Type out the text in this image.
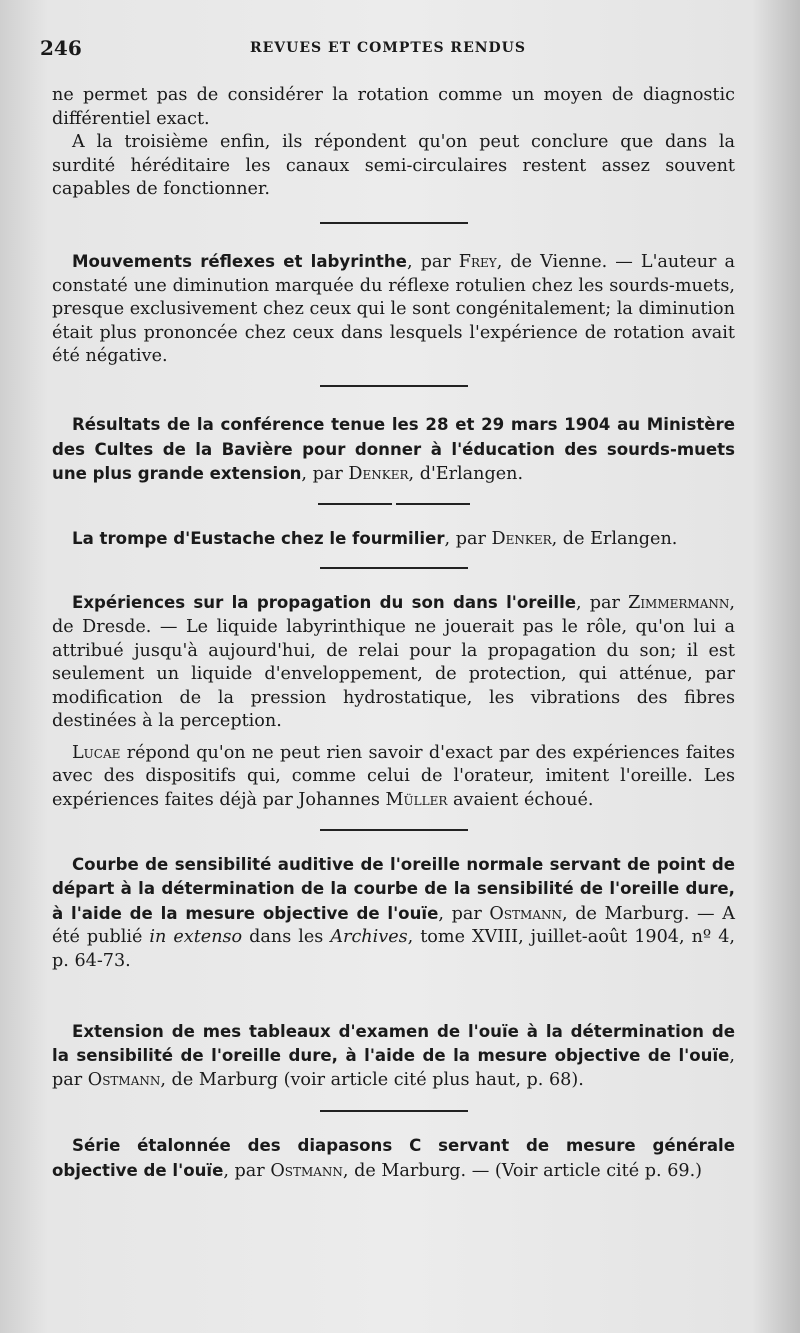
246	REVUES ET COMPTES RENDUS

ne permet pas de considérer la rotation comme un moyen de diagnostic différentiel exact.

A la troisième enfin, ils répondent qu'on peut conclure que dans la surdité héréditaire les canaux semi-circulaires restent assez souvent capables de fonctionner.

Mouvements réflexes et labyrinthe, par Frey, de Vienne. — L'auteur a constaté une diminution marquée du réflexe rotulien chez les sourds-muets, presque exclusivement chez ceux qui le sont congénitalement; la diminution était plus prononcée chez ceux dans lesquels l'expérience de rotation avait été négative.

Résultats de la conférence tenue les 28 et 29 mars 1904 au Ministère des Cultes de la Bavière pour donner à l'éducation des sourds-muets une plus grande extension, par Denker, d'Erlangen.

La trompe d'Eustache chez le fourmilier, par Denker, de Erlangen.

Expériences sur la propagation du son dans l'oreille, par Zimmermann, de Dresde. — Le liquide labyrinthique ne jouerait pas le rôle, qu'on lui a attribué jusqu'à aujourd'hui, de relai pour la propagation du son; il est seulement un liquide d'enveloppement, de protection, qui atténue, par modification de la pression hydrostatique, les vibrations des fibres destinées à la perception.

Lucae répond qu'on ne peut rien savoir d'exact par des expériences faites avec des dispositifs qui, comme celui de l'orateur, imitent l'oreille. Les expériences faites déjà par Johannes Müller avaient échoué.

Courbe de sensibilité auditive de l'oreille normale servant de point de départ à la détermination de la courbe de la sensibilité de l'oreille dure, à l'aide de la mesure objective de l'ouïe, par Ostmann, de Marburg. — A été publié in extenso dans les Archives, tome XVIII, juillet-août 1904, nº 4, p. 64-73.

Extension de mes tableaux d'examen de l'ouïe à la détermination de la sensibilité de l'oreille dure, à l'aide de la mesure objective de l'ouïe, par Ostmann, de Marburg (voir article cité plus haut, p. 68).

Série étalonnée des diapasons C servant de mesure générale objective de l'ouïe, par Ostmann, de Marburg. — (Voir article cité p. 69.)
